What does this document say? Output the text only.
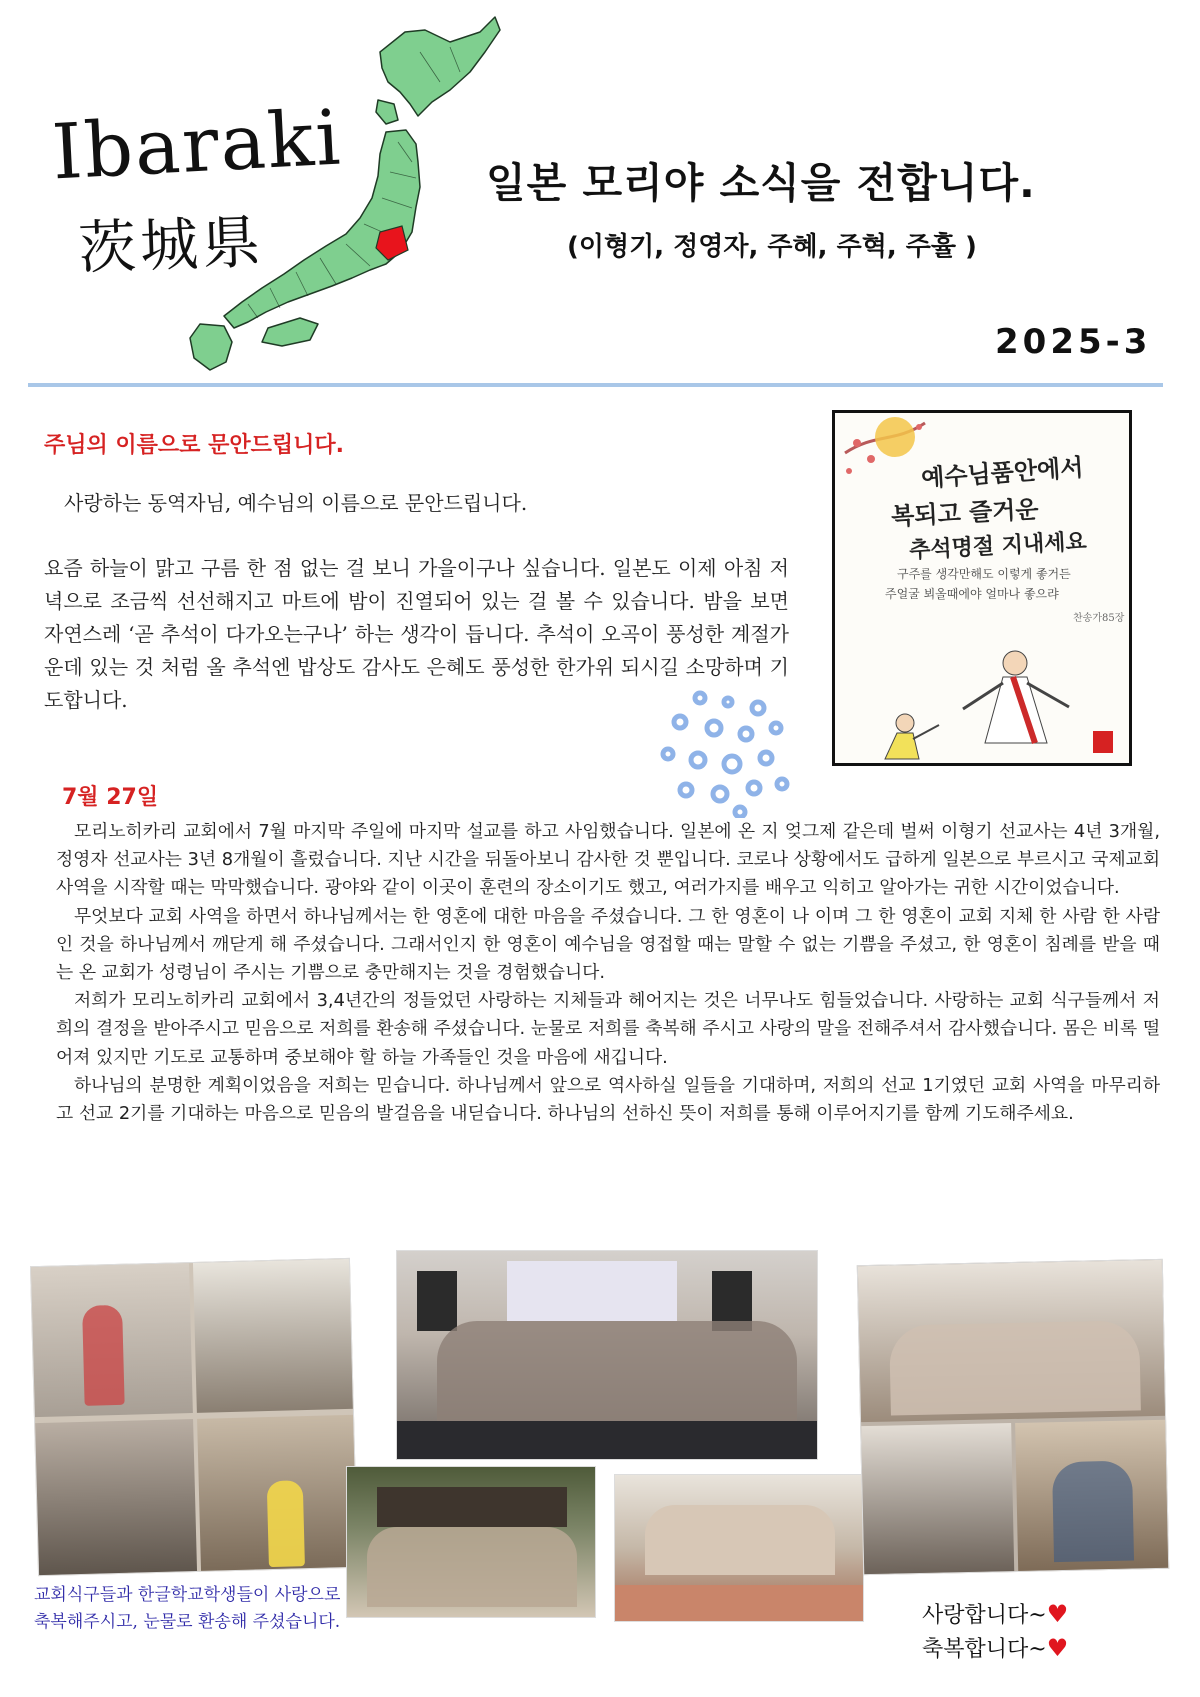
Ibaraki
茨城県
일본 모리야 소식을 전합니다.
(이형기, 정영자, 주혜, 주혁, 주휼 )
2025-3
주님의 이름으로 문안드립니다.
사랑하는 동역자님, 예수님의 이름으로 문안드립니다.
요즘 하늘이 맑고 구름 한 점 없는 걸 보니 가을이구나 싶습니다. 일본도 이제 아침 저녁으로 조금씩 선선해지고 마트에 밤이 진열되어 있는 걸 볼 수 있습니다. 밤을 보면 자연스레 ‘곧 추석이 다가오는구나’ 하는 생각이 듭니다. 추석이 오곡이 풍성한 계절가운데 있는 것 처럼 올 추석엔 밥상도 감사도 은혜도 풍성한 한가위 되시길 소망하며 기도합니다.
예수님품안에서
복되고 즐거운
추석명절 지내세요
구주를 생각만해도 이렇게 좋거든
주얼굴 뵈올때에야 얼마나 좋으랴
찬송가85장
7월 27일

모리노히카리 교회에서 7월 마지막 주일에 마지막 설교를 하고 사임했습니다. 일본에 온 지 엊그제 같은데 벌써 이형기 선교사는 4년 3개월, 정영자 선교사는 3년 8개월이 흘렀습니다. 지난 시간을 뒤돌아보니 감사한 것 뿐입니다. 코로나 상황에서도 급하게 일본으로 부르시고 국제교회 사역을 시작할 때는 막막했습니다. 광야와 같이 이곳이 훈련의 장소이기도 했고, 여러가지를 배우고 익히고 알아가는 귀한 시간이었습니다.

무엇보다 교회 사역을 하면서 하나님께서는 한 영혼에 대한 마음을 주셨습니다. 그 한 영혼이 나 이며 그 한 영혼이 교회 지체 한 사람 한 사람인 것을 하나님께서 깨닫게 해 주셨습니다. 그래서인지 한 영혼이 예수님을 영접할 때는 말할 수 없는 기쁨을 주셨고, 한 영혼이 침례를 받을 때는 온 교회가 성령님이 주시는 기쁨으로 충만해지는 것을 경험했습니다.

저희가 모리노히카리 교회에서 3,4년간의 정들었던 사랑하는 지체들과 헤어지는 것은 너무나도 힘들었습니다. 사랑하는 교회 식구들께서 저희의 결정을 받아주시고 믿음으로 저희를 환송해 주셨습니다. 눈물로 저희를 축복해 주시고 사랑의 말을 전해주셔서 감사했습니다. 몸은 비록 떨어져 있지만 기도로 교통하며 중보해야 할 하늘 가족들인 것을 마음에 새깁니다.

하나님의 분명한 계획이었음을 저희는 믿습니다. 하나님께서 앞으로 역사하실 일들을 기대하며, 저희의 선교 1기였던 교회 사역을 마무리하고 선교 2기를 기대하는 마음으로 믿음의 발걸음을 내딛습니다. 하나님의 선하신 뜻이 저희를 통해 이루어지기를 함께 기도해주세요.

교회식구들과 한글학교학생들이 사랑으로 축복해주시고, 눈물로 환송해 주셨습니다.	사랑합니다~♥
축복합니다~♥
